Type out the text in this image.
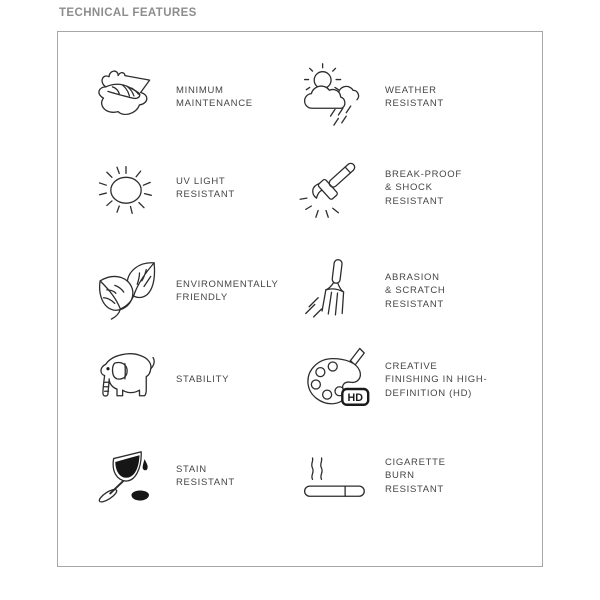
TECHNICAL FEATURES
MINIMUM
MAINTENANCE
WEATHER
RESISTANT
UV LIGHT
RESISTANT
BREAK-PROOF
& SHOCK
RESISTANT
ENVIRONMENTALLY
FRIENDLY
ABRASION
& SCRATCH
RESISTANT
STABILITY
HD
CREATIVE
FINISHING IN HIGH-
DEFINITION (HD)
STAIN
RESISTANT
CIGARETTE
BURN
RESISTANT
